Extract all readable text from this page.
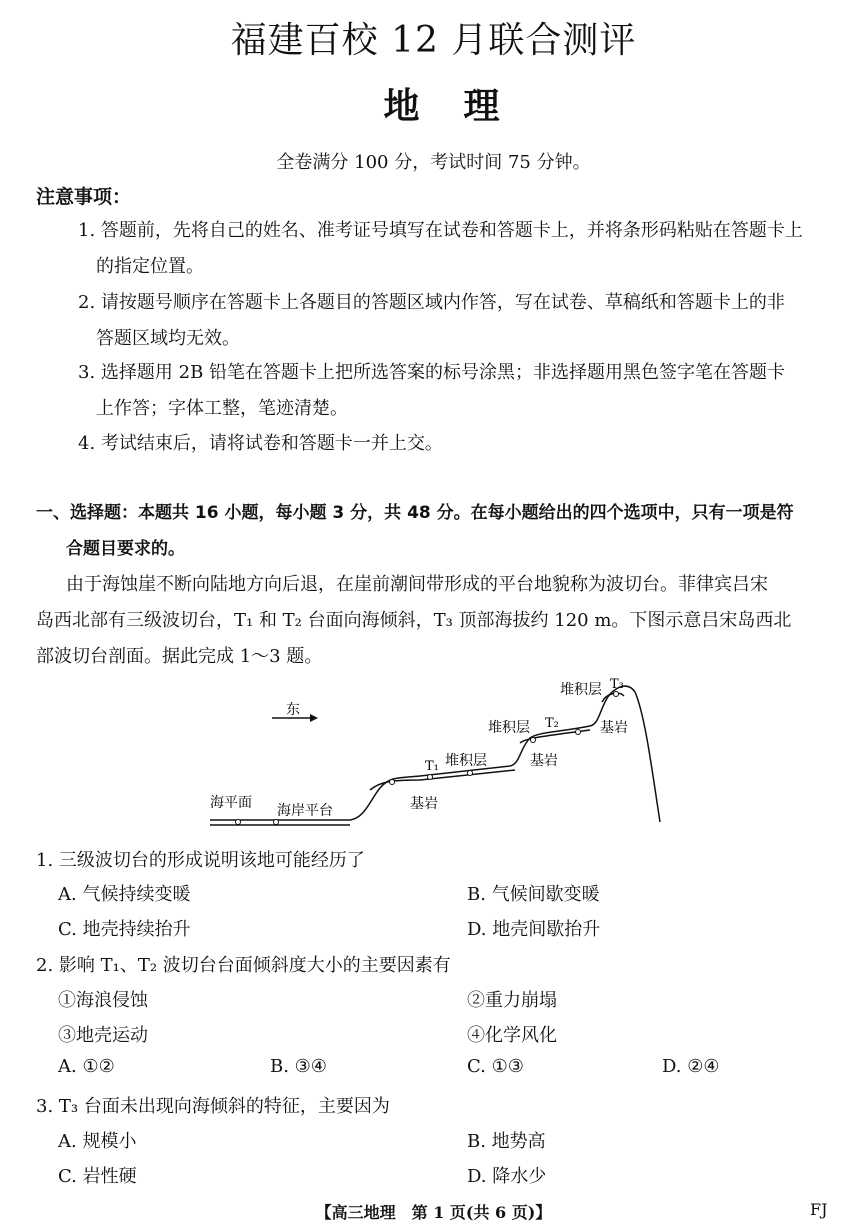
福建百校 12 月联合测评
地理
全卷满分 100 分，考试时间 75 分钟。
注意事项：
1. 答题前，先将自己的姓名、准考证号填写在试卷和答题卡上，并将条形码粘贴在答题卡上
的指定位置。
2. 请按题号顺序在答题卡上各题目的答题区域内作答，写在试卷、草稿纸和答题卡上的非
答题区域均无效。
3. 选择题用 2B 铅笔在答题卡上把所选答案的标号涂黑；非选择题用黑色签字笔在答题卡
上作答；字体工整，笔迹清楚。
4. 考试结束后，请将试卷和答题卡一并上交。
一、选择题：本题共 16 小题，每小题 3 分，共 48 分。在每小题给出的四个选项中，只有一项是符
合题目要求的。
由于海蚀崖不断向陆地方向后退，在崖前潮间带形成的平台地貌称为波切台。菲律宾吕宋
岛西北部有三级波切台，T₁ 和 T₂ 台面向海倾斜，T₃ 顶部海拔约 120 m。下图示意吕宋岛西北
部波切台剖面。据此完成 1～3 题。
东
海平面 海岸平台	基岩
基岩
基岩
堆积层
堆积层
堆积层
T₁
T₂
T₃
1. 三级波切台的形成说明该地可能经历了
A. 气候持续变暖	B. 气候间歇变暖
C. 地壳持续抬升	D. 地壳间歇抬升
2. 影响 T₁、T₂ 波切台台面倾斜度大小的主要因素有
①海浪侵蚀	②重力崩塌
③地壳运动	④化学风化
A. ①②	B. ③④	C. ①③	D. ②④
3. T₃ 台面未出现向海倾斜的特征，主要因为
A. 规模小	B. 地势高
C. 岩性硬	D. 降水少
【高三地理　第 1 页(共 6 页)】	FJ
